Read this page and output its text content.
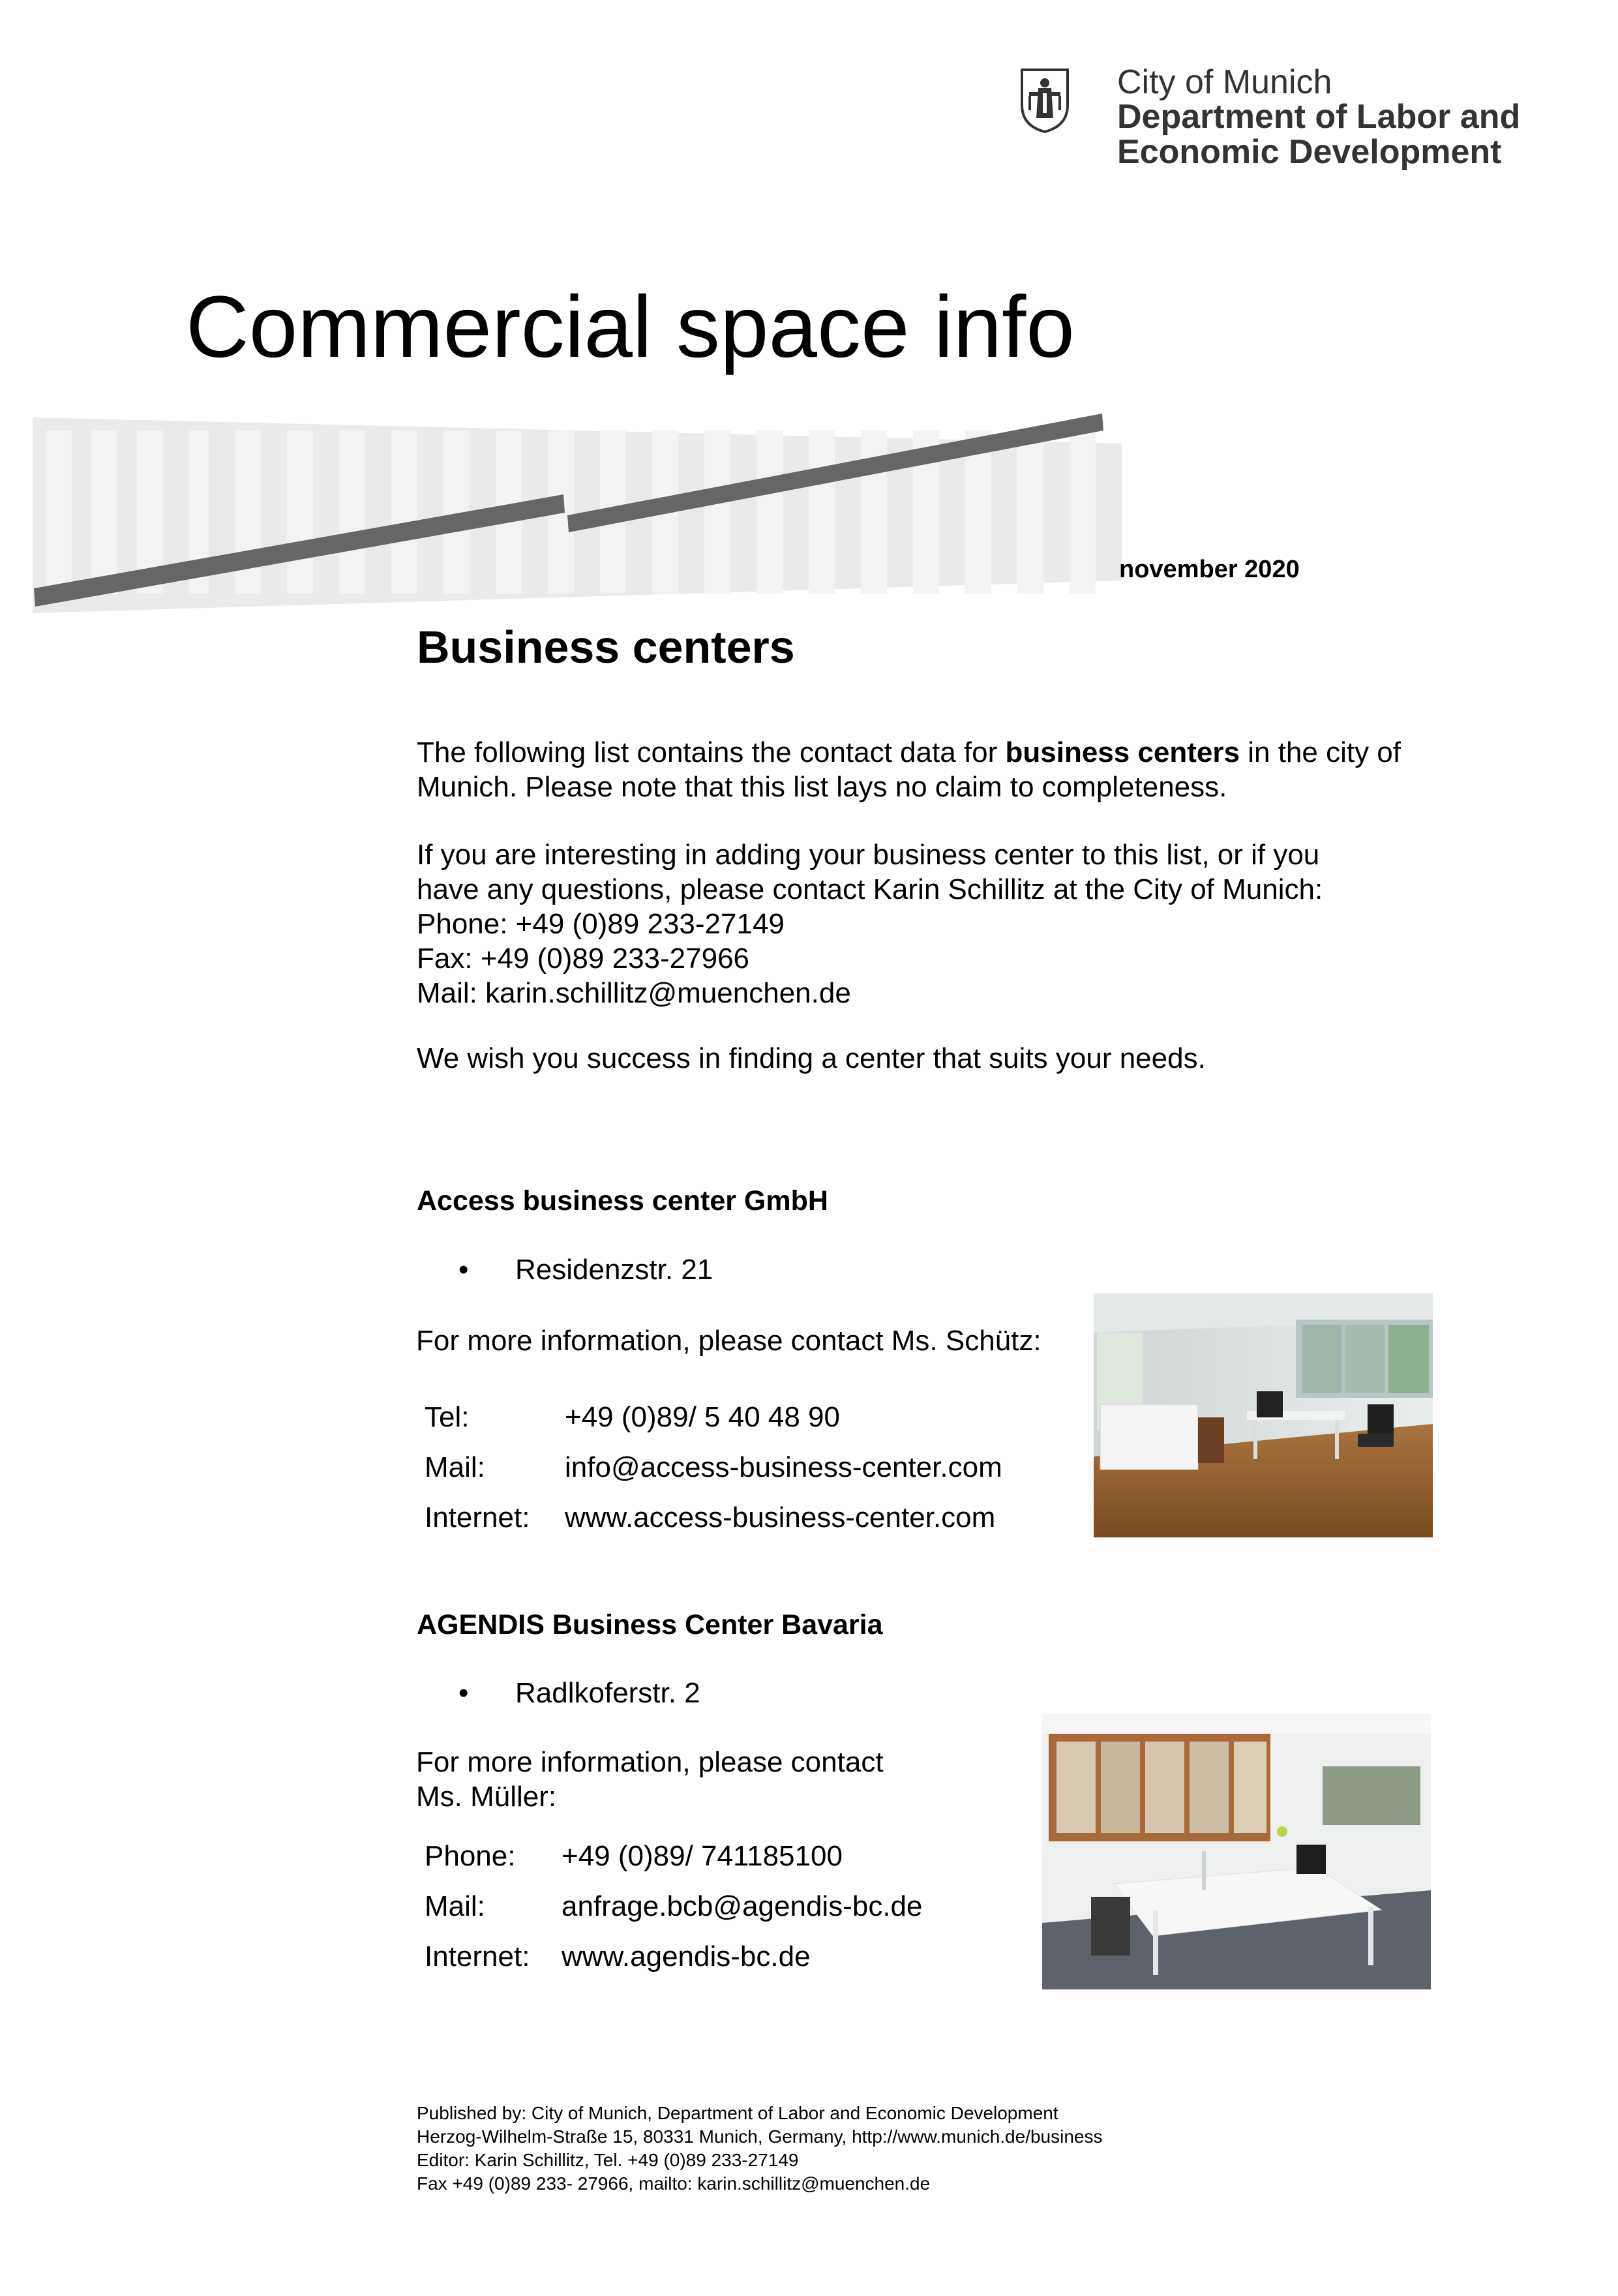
City of Munich
Department of Labor and
Economic Development
Commercial space info
november 2020
Business centers
The following list contains the contact data for business centers in the city of Munich. Please note that this list lays no claim to completeness.
If you are interesting in adding your business center to this list, or if you
have any questions, please contact Karin Schillitz at the City of Munich:
Phone: +49 (0)89 233-27149
Fax: +49 (0)89 233-27966
Mail: karin.schillitz@muenchen.de
We wish you success in finding a center that suits your needs.
Access business center GmbH
• Residenzstr. 21
For more information, please contact Ms. Schütz:
Tel:	+49 (0)89/ 5 40 48 90
Mail:	info@access-business-center.com
Internet: www.access-business-center.com
AGENDIS Business Center Bavaria
• Radlkoferstr. 2
For more information, please contact
Ms. Müller:
Phone: +49 (0)89/ 741185100
Mail:	anfrage.bcb@agendis-bc.de
Internet: www.agendis-bc.de
Published by: City of Munich, Department of Labor and Economic Development
Herzog-Wilhelm-Straße 15, 80331 Munich, Germany, http://www.munich.de/business
Editor: Karin Schillitz, Tel. +49 (0)89 233-27149
Fax +49 (0)89 233- 27966, mailto: karin.schillitz@muenchen.de
